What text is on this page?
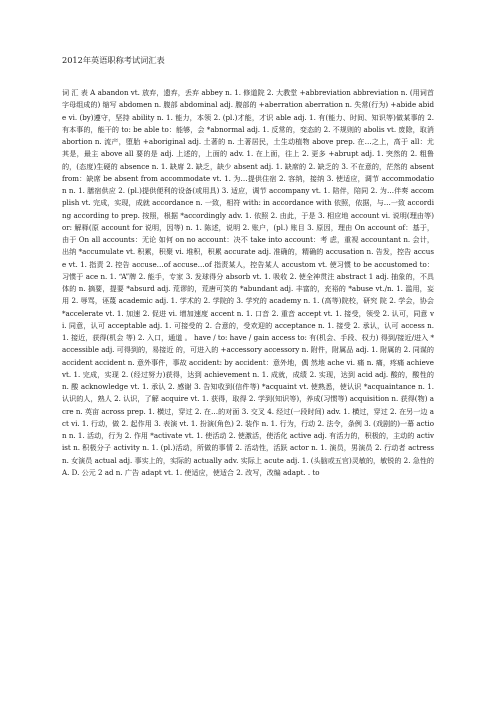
2012年英语职称考试词汇表

词 汇 表 A abandon vt. 放弃，遗弃，丢弃 abbey n. 1. 修道院 2. 大教堂 +abbreviation abbreviation n. (用词首字母组成的) 缩写 abdomen n. 腹部 abdominal adj. 腹部的 +aberration aberration n. 失常(行为) +abide abide vi. (by)遵守，坚持 ability n. 1. 能力，本领 2. (pl.)才能，才识 able adj. 1. 有(能力、时间、知识等)做某事的 2. 有本事的，能干的 to: be able to：能够，会 *abnormal adj. 1. 反常的，变态的 2. 不规则的 abolis vt. 废除，取消 abortion n. 流产，堕胎 +aboriginal adj. 土著的 n. 土著居民，土生动植物 above prep. 在…之上，高于 all：尤其是，最主 above all 要的是 adj. 上述的，上面的 adv. 1. 在上面，往上 2. 更多 +abrupt adj. 1. 突然的 2. 粗鲁的，(态度)生硬的 absence n. 1. 缺席 2. 缺乏，缺少 absent adj. 1. 缺席的 2. 缺乏的 3. 不在意的，茫然的 absent from：缺席 be absent from accommodate vt. 1. 为…提供住宿 2. 容纳，接纳 3. 使适应，调节 accommodation n. 1. 膳宿供应 2. (pl.)提供便利的设备(或用具) 3. 适应，调节 accompany vt. 1. 陪伴，陪同 2. 为…伴奏 accomplish vt. 完成，实现，成就 accordance n. 一致，相符 with: in accordance with 依照，依据，与…一致 according according to prep. 按照，根据 *accordingly adv. 1. 依照 2. 由此，于是 3. 相应地 account vi. 说明(理由等) or: 解释(原 account for 说明，因等) n. 1. 陈述，说明 2. 账户，(pl.) 账目 3. 原因，理由 On account of：基于，由于 On all accounts：无论 如何 on no account：决不 take into account：考 虑，重视 accountant n. 会计，出纳 *accumulate vt. 积累，积聚 vi. 堆积，积累 accurate adj. 准确的，精确的 accusation n. 告发，控告 accuse vt. 1. 指责 2. 控告 accuse…of accuse…of 指责某人，控告某人 accustom vt. 使习惯 to be accustomed to：习惯于 ace n. 1. “A”牌 2. 能手，专家 3. 发球得分 absorb vt. 1. 吸收 2. 使全神贯注 abstract 1 adj. 抽象的，不具体的 n. 摘要，提要 *absurd adj. 荒谬的，荒唐可笑的 *abundant adj. 丰富的，充裕的 *abuse vt./n. 1. 滥用，妄用 2. 辱骂，诬蔑 academic adj. 1. 学术的 2. 学院的 3. 学究的 academy n. 1. (高等)院校，研究 院 2. 学会，协会 *accelerate vt. 1. 加速 2. 促进 vi. 增加速度 accent n. 1. 口音 2. 重音 accept vt. 1. 接受，领受 2. 认可，同意 vi. 同意，认可 acceptable adj. 1. 可接受的 2. 合意的，受欢迎的 acceptance n. 1. 接受 2. 承认，认可 access n. 1. 接近，获得(机会 等) 2. 入口，通道 。 have / to: have / gain access to: 有(机会、手段、权力) 得到/接近/进入 *accessible adj. 可得到的，易接近 的，可进入的 +accessory accessory n. 附件，附属品 adj. 1. 附属的 2. 同谋的 accident accident n. 意外事件，事故 accident: by accident：意外地，偶 然地 ache vi. 痛 n. 痛，疼痛 achieve vt. 1. 完成，实现 2. (经过努力)获得，达到 achievement n. 1. 成就，成绩 2. 实现，达到 acid adj. 酸的，酸性的 n. 酸 acknowledge vt. 1. 承认 2. 感谢 3. 告知收到(信件等) *acquaint vt. 使熟悉，使认识 *acquaintance n. 1. 认识的人，熟人 2. 认识，了解 acquire vt. 1. 获得，取得 2. 学到(知识等)，养成(习惯等) acquisition n. 获得(物) acre n. 英亩 across prep. 1. 横过，穿过 2. 在…的对面 3. 交叉 4. 经过(一段时间) adv. 1. 横过，穿过 2. 在另一边 act vi. 1. 行动，做 2. 起作用 3. 表演 vt. 1. 扮演(角色) 2. 装作 n. 1. 行为，行动 2. 法令，条例 3. (戏剧的)一幕 action n. 1. 活动，行为 2. 作用 *activate vt. 1. 使活动 2. 使激活，使活化 active adj. 有活力的，积极的，主动的 activist n. 积极分子 activity n. 1. (pl.)活动，所做的事情 2. 活动性，活跃 actor n. 1. 演员，男演员 2. 行动者 actress n. 女演员 actual adj. 事实上的，实际的 actually adv. 实际上 acute adj. 1. (头脑或五官)灵敏的，敏锐的 2. 急性的 A. D. 公元 2 ad n. 广告 adapt vt. 1. 使适应，使适合 2. 改写，改编 adapt. . to
